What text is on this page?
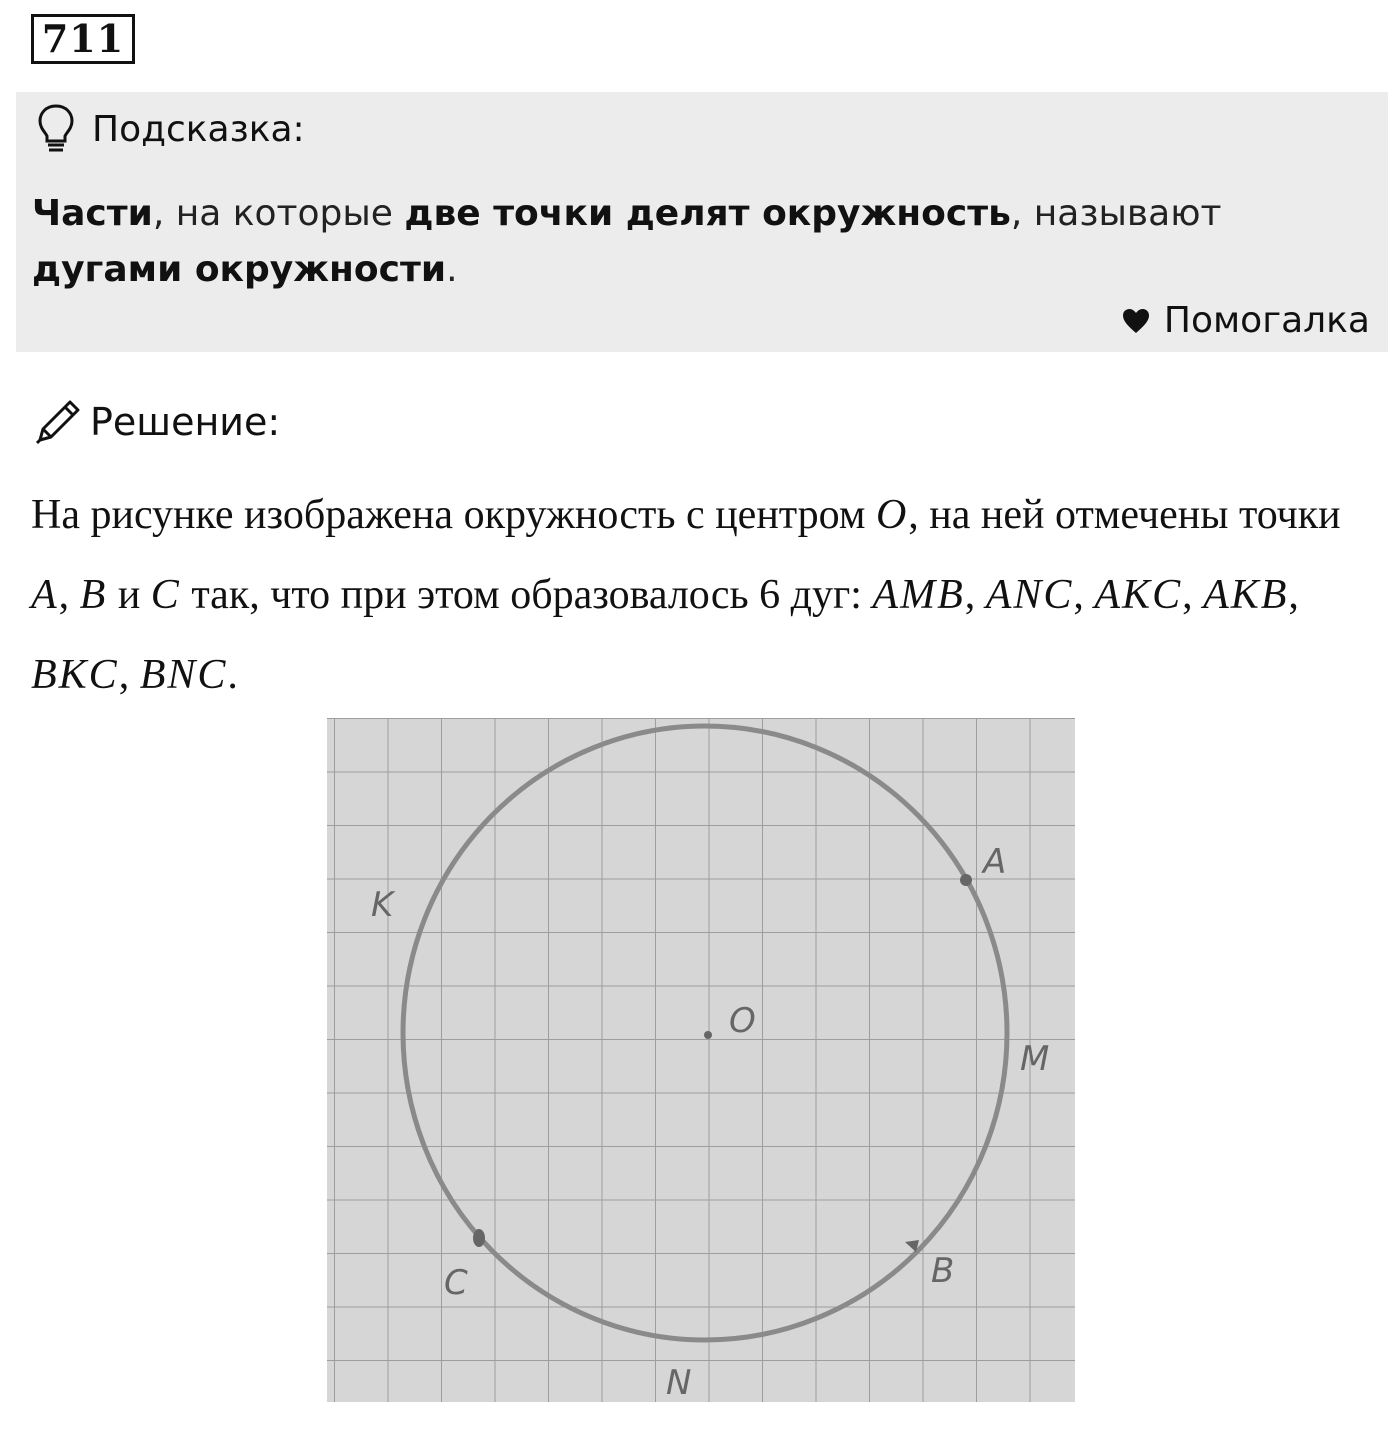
711
Подсказка:
Части, на которые две точки делят окружность, называют дугами окружности.
Помогалка
Решение:
На рисунке изображена окружность с центром O, на ней отмечены точки A, B и C так, что при этом образовалось 6 дуг: AMB, ANC, AKC, AKB, BKC, BNC.
O
A
K
M
B
C
N
